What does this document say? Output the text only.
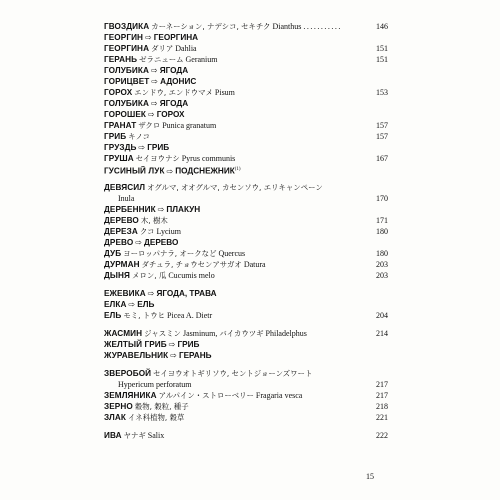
ГВОЗДИКА カーネーション, ナデシコ, セキチク Dianthus ...........	146
ГЕОРГИН ⇨ ГЕОРГИНА
ГЕОРГИНА ダリア Dahlia	151
ГЕРАНЬ ゼラニューム Geranium	151
ГОЛУБИКА ⇨ ЯГОДА
ГОРИЦВЕТ ⇨ АДОНИС
ГОРОХ エンドウ, エンドウマメ Pisum	153
ГОЛУБИКА ⇨ ЯГОДА
ГОРОШЕК ⇨ ГОРОХ
ГРАНАТ ザクロ Punica granatum	157
ГРИБ キノコ	157
ГРУЗДЬ ⇨ ГРИБ
ГРУША セイヨウナシ Pyrus communis	167
ГУСИНЫЙ ЛУК ⇨ ПОДСНЕЖНИК$^{(1)}$
ДЕВЯСИЛ オグルマ, オオグルマ, カセンソウ, エリキャンペーン
Inula	170
ДЕРБЕННИК ⇨ ПЛАКУН
ДЕРЕВО 木, 樹木	171
ДЕРЕЗА クコ Lycium	180
ДРЕВО ⇨ ДЕРЕВО
ДУБ ヨーロッパナラ, オークなど Quercus	180
ДУРМАН ダチュラ, チョウセンアサガオ Datura	203
ДЫНЯ メロン, 瓜 Cucumis melo	203
ЕЖЕВИКА ⇨ ЯГОДА, ТРАВА
ЕЛКА ⇨ ЕЛЬ
ЕЛЬ モミ, トウヒ Picea A. Dietr	204
ЖАСМИН ジャスミン Jasminum, バイカウツギ Philadelphus	214
ЖЕЛТЫЙ ГРИБ ⇨ ГРИБ
ЖУРАВЕЛЬНИК ⇨ ГЕРАНЬ
ЗВЕРОБОЙ セイヨウオトギリソウ, セントジョーンズワート
Hypericum perforatum	217
ЗЕМЛЯНИКА アルパイン・ストローベリー Fragaria vesca	217
ЗЕРНО 穀物, 穀粒, 種子	218
ЗЛАК イネ科植物, 穀草	221
ИВА ヤナギ Salix	222
15
